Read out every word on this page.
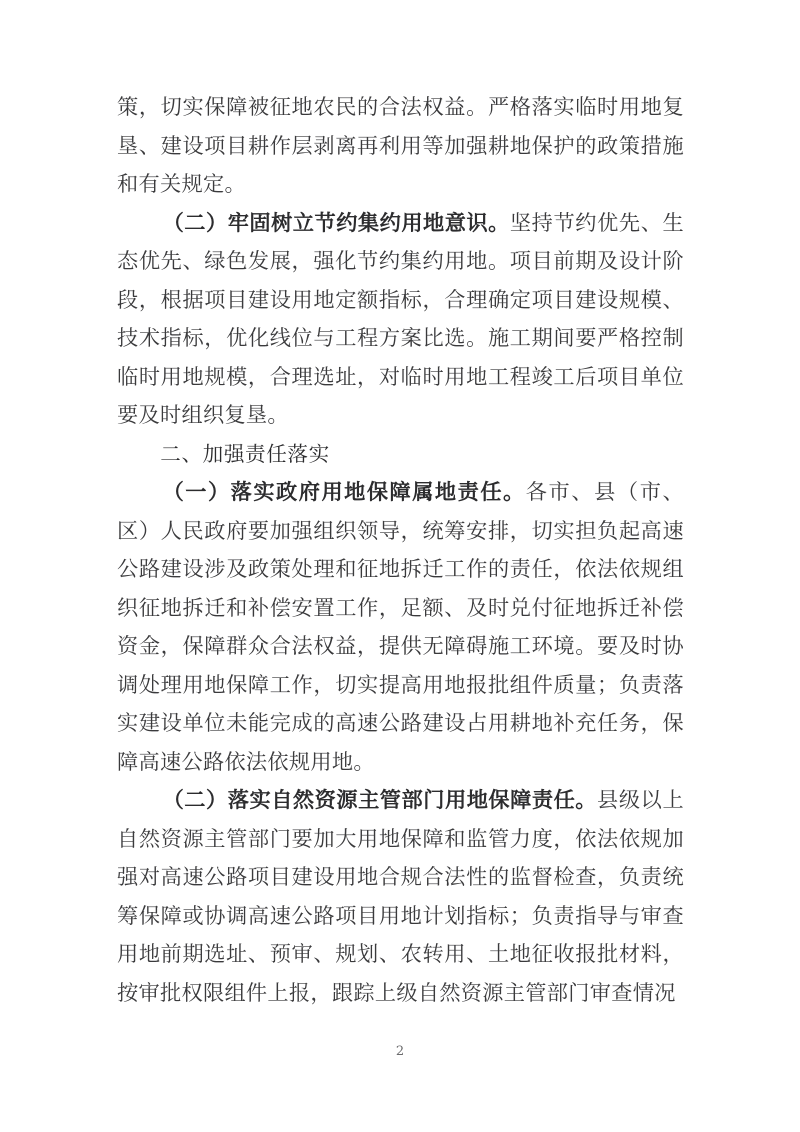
策，切实保障被征地农民的合法权益。严格落实临时用地复垦、建设项目耕作层剥离再利用等加强耕地保护的政策措施和有关规定。

（二）牢固树立节约集约用地意识。坚持节约优先、生态优先、绿色发展，强化节约集约用地。项目前期及设计阶段，根据项目建设用地定额指标，合理确定项目建设规模、技术指标，优化线位与工程方案比选。施工期间要严格控制临时用地规模，合理选址，对临时用地工程竣工后项目单位要及时组织复垦。

二、加强责任落实

（一）落实政府用地保障属地责任。各市、县（市、区）人民政府要加强组织领导，统筹安排，切实担负起高速公路建设涉及政策处理和征地拆迁工作的责任，依法依规组织征地拆迁和补偿安置工作，足额、及时兑付征地拆迁补偿资金，保障群众合法权益，提供无障碍施工环境。要及时协调处理用地保障工作，切实提高用地报批组件质量；负责落实建设单位未能完成的高速公路建设占用耕地补充任务，保障高速公路依法依规用地。

（二）落实自然资源主管部门用地保障责任。县级以上自然资源主管部门要加大用地保障和监管力度，依法依规加强对高速公路项目建设用地合规合法性的监督检查，负责统筹保障或协调高速公路项目用地计划指标；负责指导与审查用地前期选址、预审、规划、农转用、土地征收报批材料，按审批权限组件上报，跟踪上级自然资源主管部门审查情况

2
